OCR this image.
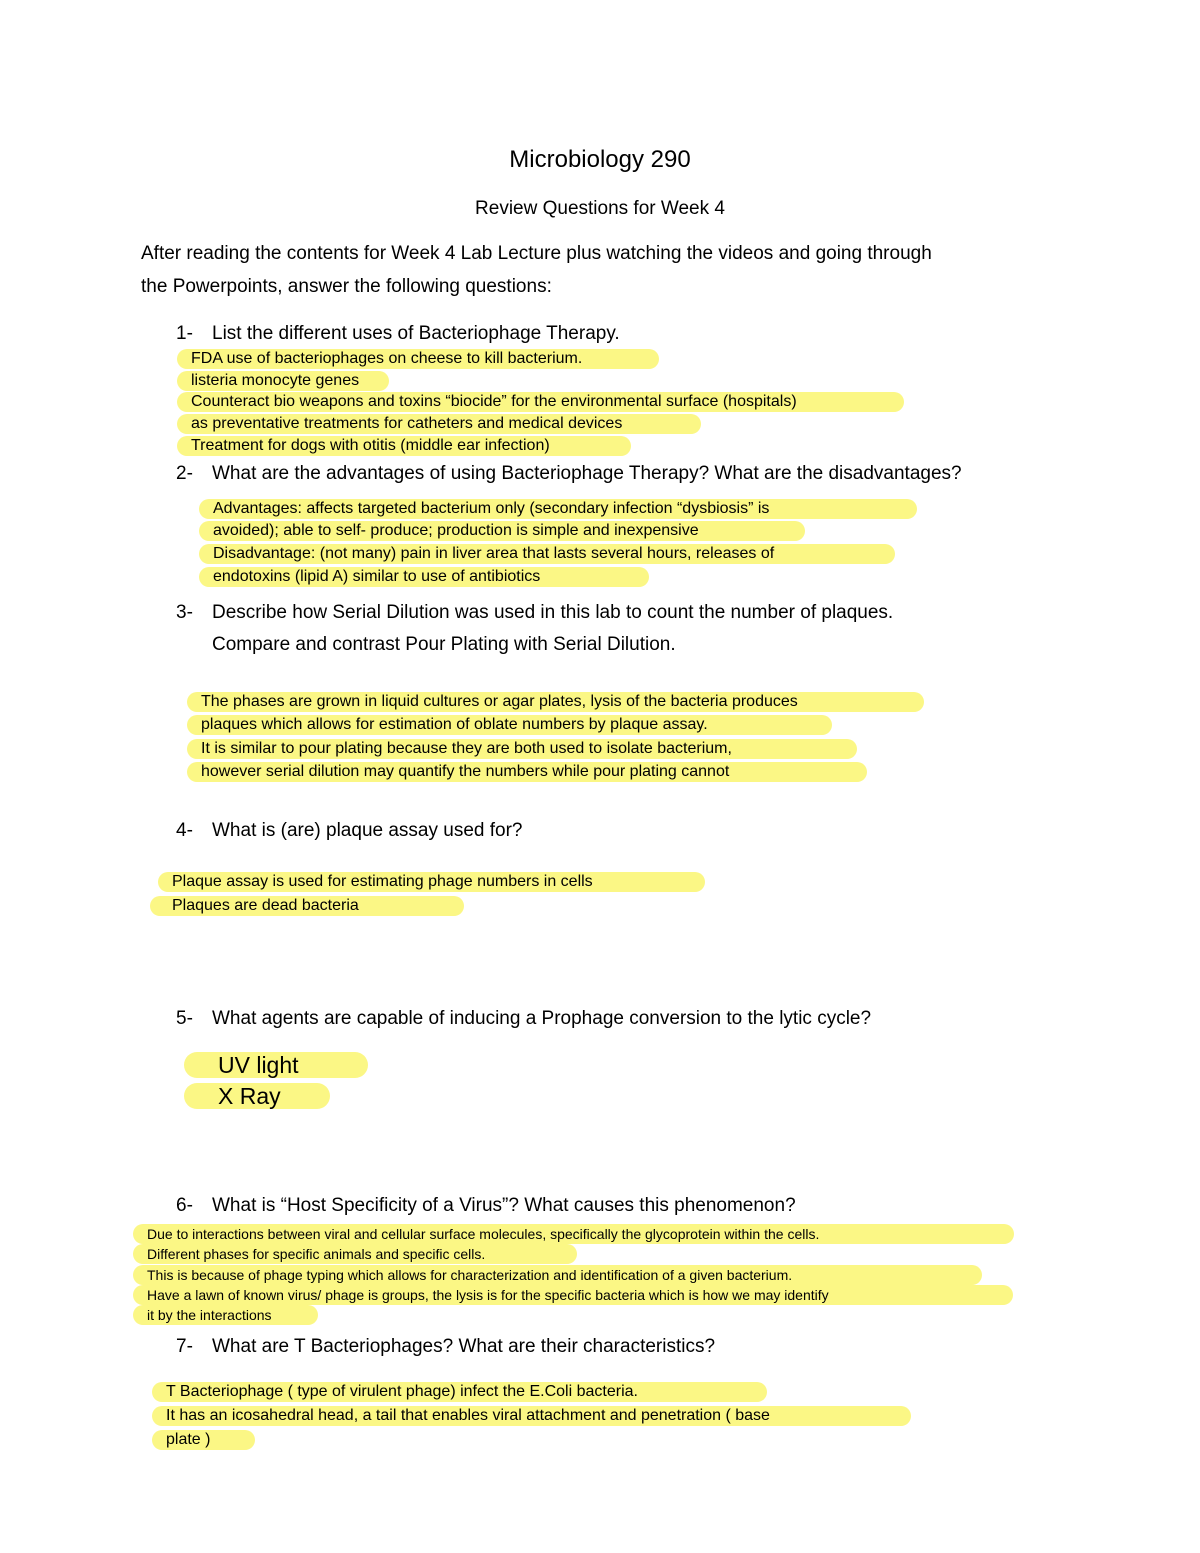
Microbiology 290
Review Questions for Week 4
After reading the contents for Week 4 Lab Lecture plus watching the videos and going through
the Powerpoints, answer the following questions:
1- List the different uses of Bacteriophage Therapy.
FDA use of bacteriophages on cheese to kill bacterium.
listeria monocyte genes
Counteract bio weapons and toxins “biocide” for the environmental surface (hospitals)
as preventative treatments for catheters and medical devices
Treatment for dogs with otitis (middle ear infection)
2- What are the advantages of using Bacteriophage Therapy? What are the disadvantages?
Advantages: affects targeted bacterium only (secondary infection “dysbiosis” is
avoided); able to self- produce; production is simple and inexpensive
Disadvantage: (not many) pain in liver area that lasts several hours, releases of
endotoxins (lipid A) similar to use of antibiotics
3- Describe how Serial Dilution was used in this lab to count the number of plaques.
Compare and contrast Pour Plating with Serial Dilution.
The phases are grown in liquid cultures or agar plates, lysis of the bacteria produces
plaques which allows for estimation of oblate numbers by plaque assay.
It is similar to pour plating because they are both used to isolate bacterium,
however serial dilution may quantify the numbers while pour plating cannot
4- What is (are) plaque assay used for?
Plaque assay is used for estimating phage numbers in cells
Plaques are dead bacteria
5- What agents are capable of inducing a Prophage conversion to the lytic cycle?
UV light
X Ray
6- What is “Host Specificity of a Virus”? What causes this phenomenon?
Due to interactions between viral and cellular surface molecules, specifically the glycoprotein within the cells.
Different phases for specific animals and specific cells.
This is because of phage typing which allows for characterization and identification of a given bacterium.
Have a lawn of known virus/ phage is groups, the lysis is for the specific bacteria which is how we may identify
it by the interactions
7- What are T Bacteriophages? What are their characteristics?
T Bacteriophage ( type of virulent phage) infect the E.Coli bacteria.
It has an icosahedral head, a tail that enables viral attachment and penetration ( base
plate )
